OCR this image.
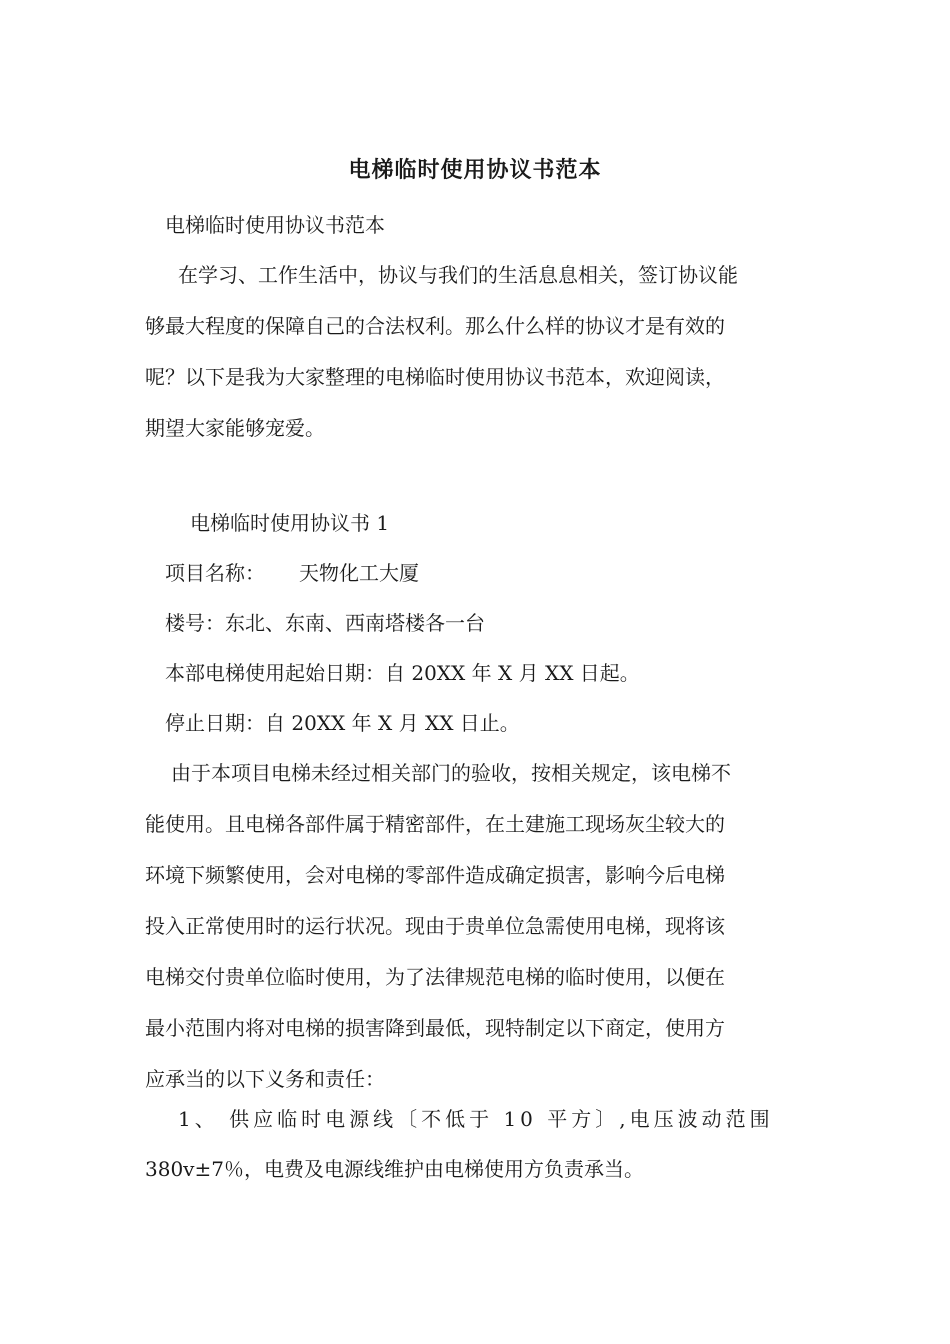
电梯临时使用协议书范本
电梯临时使用协议书范本
在学习、工作生活中，协议与我们的生活息息相关，签订协议能
够最大程度的保障自己的合法权利。那么什么样的协议才是有效的
呢？以下是我为大家整理的电梯临时使用协议书范本，欢迎阅读，
期望大家能够宠爱。
电梯临时使用协议书 1
项目名称： 天物化工大厦
楼号：东北、东南、西南塔楼各一台
本部电梯使用起始日期：自 20XX 年 X 月 XX 日起。
停止日期：自 20XX 年 X 月 XX 日止。
由于本项目电梯未经过相关部门的验收，按相关规定，该电梯不
能使用。且电梯各部件属于精密部件，在土建施工现场灰尘较大的
环境下频繁使用，会对电梯的零部件造成确定损害，影响今后电梯
投入正常使用时的运行状况。现由于贵单位急需使用电梯，现将该
电梯交付贵单位临时使用，为了法律规范电梯的临时使用，以便在
最小范围内将对电梯的损害降到最低，现特制定以下商定，使用方
应承当的以下义务和责任：
1、 供应临时电源线〔不低于 10 平方〕,电压波动范围
380v±7％，电费及电源线维护由电梯使用方负责承当。
